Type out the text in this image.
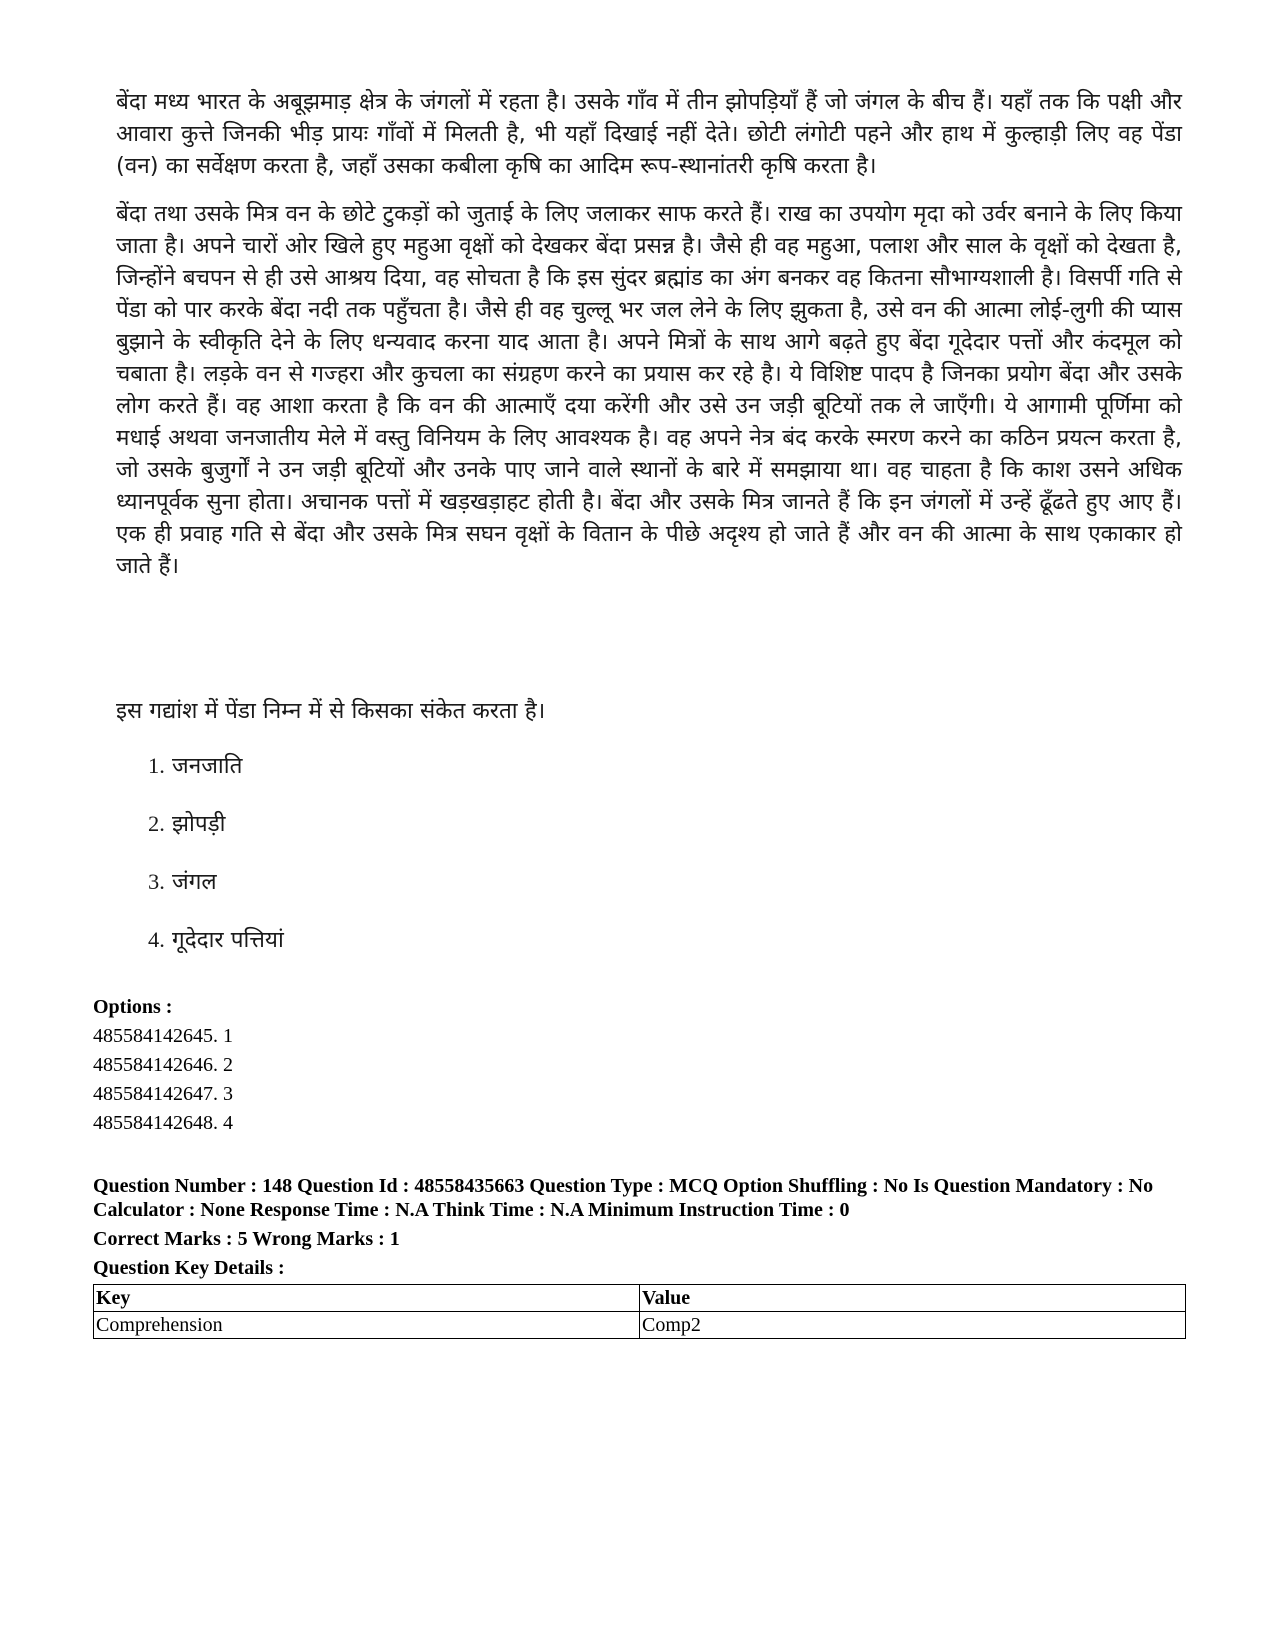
बेंदा मध्य भारत के अबूझमाड़ क्षेत्र के जंगलों में रहता है। उसके गाँव में तीन झोपड़ियाँ हैं जो जंगल के बीच हैं। यहाँ तक कि पक्षी और आवारा कुत्ते जिनकी भीड़ प्रायः गाँवों में मिलती है, भी यहाँ दिखाई नहीं देते। छोटी लंगोटी पहने और हाथ में कुल्हाड़ी लिए वह पेंडा (वन) का सर्वेक्षण करता है, जहाँ उसका कबीला कृषि का आदिम रूप-स्थानांतरी कृषि करता है।

बेंदा तथा उसके मित्र वन के छोटे टुकड़ों को जुताई के लिए जलाकर साफ करते हैं। राख का उपयोग मृदा को उर्वर बनाने के लिए किया जाता है। अपने चारों ओर खिले हुए महुआ वृक्षों को देखकर बेंदा प्रसन्न है। जैसे ही वह महुआ, पलाश और साल के वृक्षों को देखता है, जिन्होंने बचपन से ही उसे आश्रय दिया, वह सोचता है कि इस सुंदर ब्रह्मांड का अंग बनकर वह कितना सौभाग्यशाली है। विसर्पी गति से पेंडा को पार करके बेंदा नदी तक पहुँचता है। जैसे ही वह चुल्लू भर जल लेने के लिए झुकता है, उसे वन की आत्मा लोई-लुगी की प्यास बुझाने के स्वीकृति देने के लिए धन्यवाद करना याद आता है। अपने मित्रों के साथ आगे बढ़ते हुए बेंदा गूदेदार पत्तों और कंदमूल को चबाता है। लड़के वन से गज्हरा और कुचला का संग्रहण करने का प्रयास कर रहे है। ये विशिष्ट पादप है जिनका प्रयोग बेंदा और उसके लोग करते हैं। वह आशा करता है कि वन की आत्माएँ दया करेंगी और उसे उन जड़ी बूटियों तक ले जाएँगी। ये आगामी पूर्णिमा को मधाई अथवा जनजातीय मेले में वस्तु विनियम के लिए आवश्यक है। वह अपने नेत्र बंद करके स्मरण करने का कठिन प्रयत्न करता है, जो उसके बुजुर्गों ने उन जड़ी बूटियों और उनके पाए जाने वाले स्थानों के बारे में समझाया था। वह चाहता है कि काश उसने अधिक ध्यानपूर्वक सुना होता। अचानक पत्तों में खड़खड़ाहट होती है। बेंदा और उसके मित्र जानते हैं कि इन जंगलों में उन्हें ढूँढते हुए आए हैं। एक ही प्रवाह गति से बेंदा और उसके मित्र सघन वृक्षों के वितान के पीछे अदृश्य हो जाते हैं और वन की आत्मा के साथ एकाकार हो जाते हैं।

इस गद्यांश में पेंडा निम्न में से किसका संकेत करता है।
1. जनजाति
2. झोपड़ी
3. जंगल
4. गूदेदार पत्तियां
Options :
485584142645. 1
485584142646. 2
485584142647. 3
485584142648. 4
Question Number : 148 Question Id : 48558435663 Question Type : MCQ Option Shuffling : No Is Question Mandatory : No Calculator : None Response Time : N.A Think Time : N.A Minimum Instruction Time : 0
Correct Marks : 5 Wrong Marks : 1
Question Key Details :
Key	Value
Comprehension	Comp2
